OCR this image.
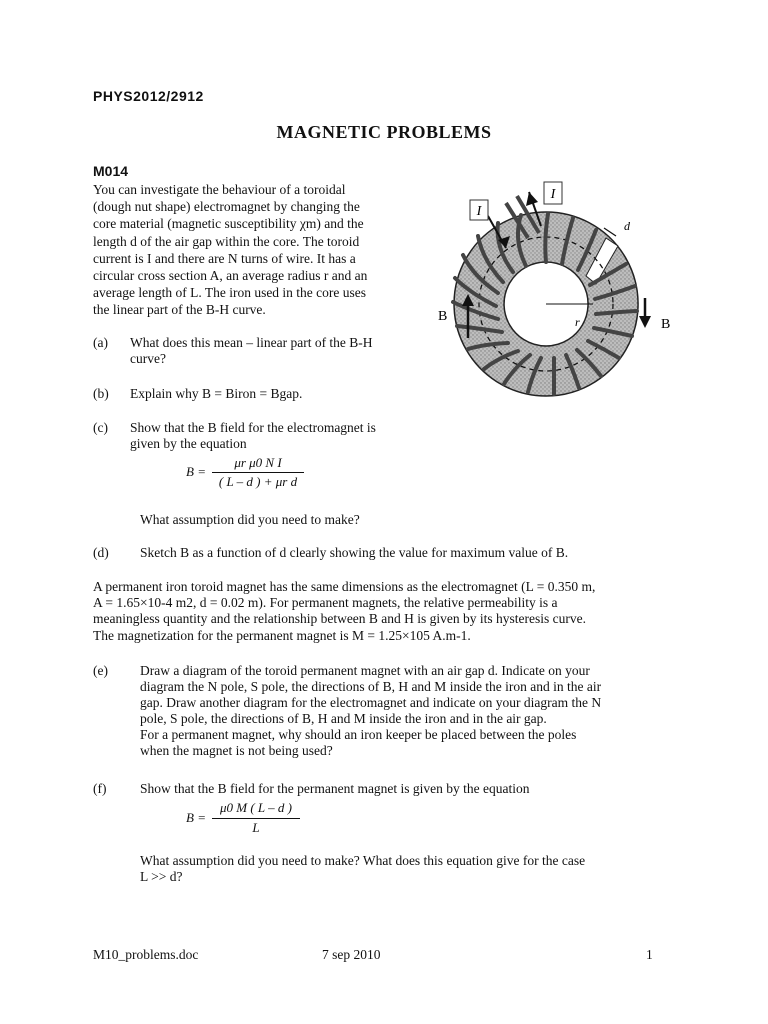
PHYS2012/2912
MAGNETIC PROBLEMS
M014
You can investigate the behaviour of a toroidal
(dough nut shape) electromagnet by changing the
core material (magnetic susceptibility χm) and the
length d of the air gap within the core. The toroid
current is I and there are N turns of wire. It has a
circular cross section A, an average radius r and an
average length of L. The iron used in the core uses
the linear part of the B-H curve.
I
I
d
B
B
r
(a) What does this mean – linear part of the B-H
curve?
(b) Explain why B = Biron = Bgap.
(c) Show that the B field for the electromagnet is
given by the equation
B =
μr μ0 N I
( L – d ) + μr d
What assumption did you need to make?
(d) Sketch B as a function of d clearly showing the value for maximum value of B.
A permanent iron toroid magnet has the same dimensions as the electromagnet (L = 0.350 m,
A = 1.65×10-4 m2, d = 0.02 m). For permanent magnets, the relative permeability is a
meaningless quantity and the relationship between B and H is given by its hysteresis curve.
The magnetization for the permanent magnet is M = 1.25×105 A.m-1.
(e) Draw a diagram of the toroid permanent magnet with an air gap d. Indicate on your
diagram the N pole, S pole, the directions of B, H and M inside the iron and in the air
gap. Draw another diagram for the electromagnet and indicate on your diagram the N
pole, S pole, the directions of B, H and M inside the iron and in the air gap.
For a permanent magnet, why should an iron keeper be placed between the poles
when the magnet is not being used?
(f) Show that the B field for the permanent magnet is given by the equation
B =
μ0 M ( L – d )
L
What assumption did you need to make? What does this equation give for the case
L >> d?
M10_problems.doc	7 sep 2010	1
